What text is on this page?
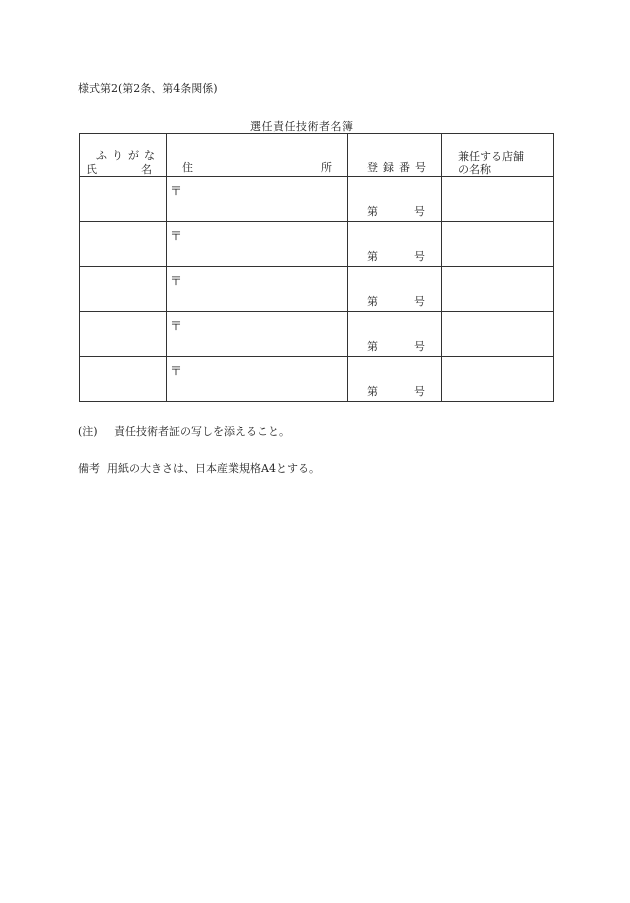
様式第2(第2条、第4条関係)
選任責任技術者名簿
ふりがな
氏 名	住 所	登録番号	兼任する店舗
の名称

	〒	第 号	

	〒	第 号	

	〒	第 号	

	〒	第 号	

	〒	第 号	

(注) 責任技術者証の写しを添えること。
備考 用紙の大きさは、日本産業規格A4とする。
